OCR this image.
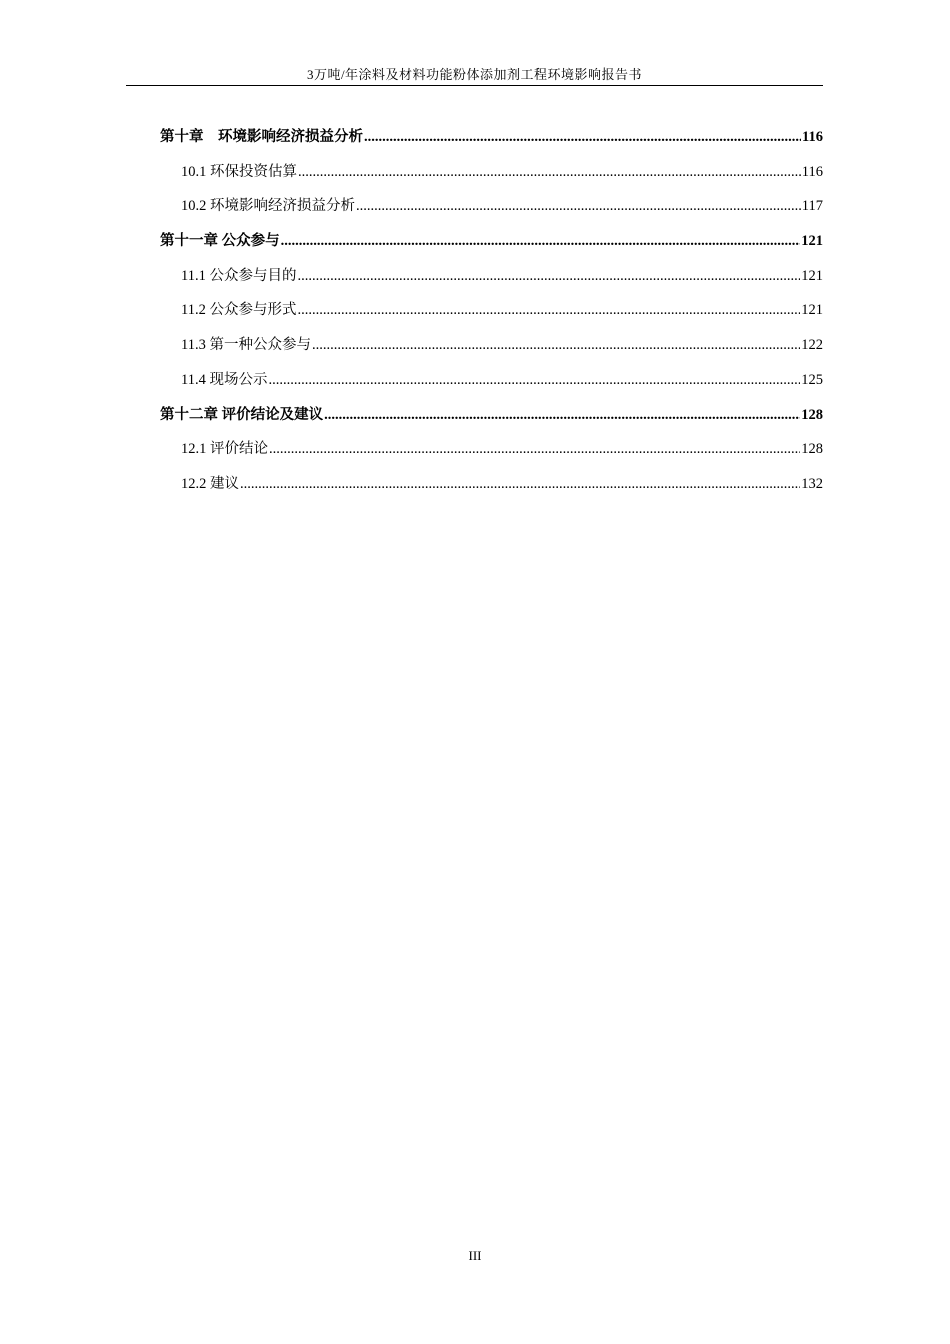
3万吨/年涂料及材料功能粉体添加剂工程环境影响报告书
第十章　环境影响经济损益分析 .....	116
10.1 环保投资估算 .....	116
10.2 环境影响经济损益分析 .....	117
第十一章 公众参与 .....	121
11.1 公众参与目的 .....	121
11.2 公众参与形式 .....	121
11.3 第一种公众参与 .....	122
11.4 现场公示 .....	125
第十二章 评价结论及建议 .....	128
12.1 评价结论 .....	128
12.2 建议 .....	132
III
